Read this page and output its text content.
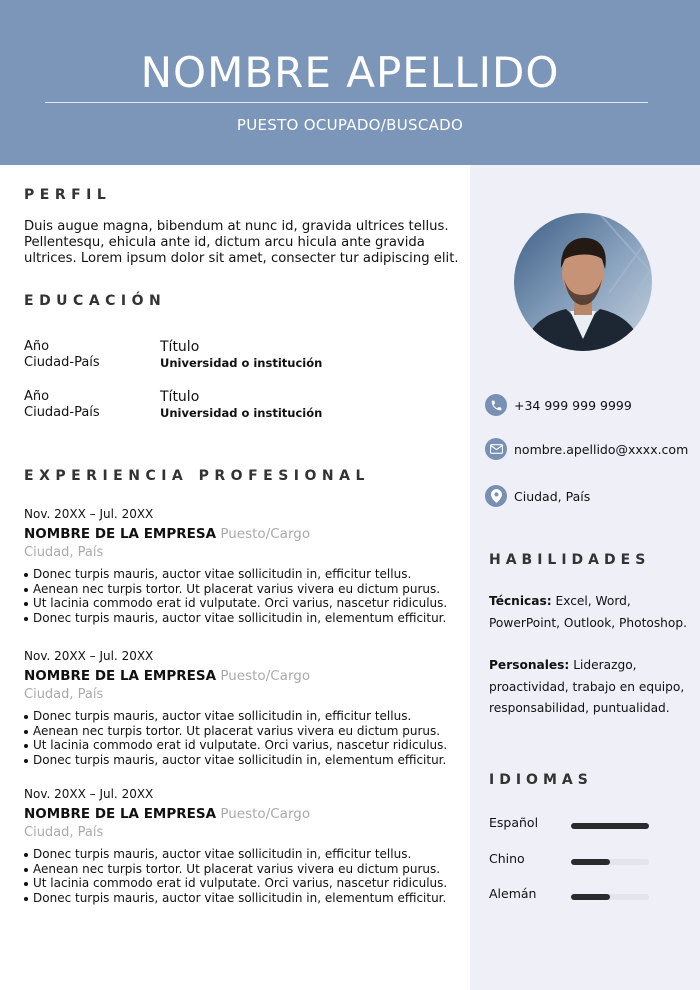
NOMBRE APELLIDO
PUESTO OCUPADO/BUSCADO
PERFIL
Duis augue magna, bibendum at nunc id, gravida ultrices tellus. Pellentesqu, ehicula ante id, dictum arcu hicula ante gravida ultrices. Lorem ipsum dolor sit amet, consecter tur adipiscing elit.
EDUCACIÓN
Año
Ciudad-País
Título
Universidad o institución
Año
Ciudad-País
Título
Universidad o institución
EXPERIENCIA PROFESIONAL
Nov. 20XX – Jul. 20XX
NOMBRE DE LA EMPRESA Puesto/Cargo
Ciudad, País
Donec turpis mauris, auctor vitae sollicitudin in, efficitur tellus.
Aenean nec turpis tortor. Ut placerat varius vivera eu dictum purus.
Ut lacinia commodo erat id vulputate. Orci varius, nascetur ridiculus.
Donec turpis mauris, auctor vitae sollicitudin in, elementum efficitur.
Nov. 20XX – Jul. 20XX
NOMBRE DE LA EMPRESA Puesto/Cargo
Ciudad, País
Donec turpis mauris, auctor vitae sollicitudin in, efficitur tellus.
Aenean nec turpis tortor. Ut placerat varius vivera eu dictum purus.
Ut lacinia commodo erat id vulputate. Orci varius, nascetur ridiculus.
Donec turpis mauris, auctor vitae sollicitudin in, elementum efficitur.
Nov. 20XX – Jul. 20XX
NOMBRE DE LA EMPRESA Puesto/Cargo
Ciudad, País
Donec turpis mauris, auctor vitae sollicitudin in, efficitur tellus.
Aenean nec turpis tortor. Ut placerat varius vivera eu dictum purus.
Ut lacinia commodo erat id vulputate. Orci varius, nascetur ridiculus.
Donec turpis mauris, auctor vitae sollicitudin in, elementum efficitur.
+34 999 999 9999
nombre.apellido@xxxx.com
Ciudad, País
HABILIDADES
Técnicas: Excel, Word, PowerPoint, Outlook, Photoshop.
Personales: Liderazgo, proactividad, trabajo en equipo, responsabilidad, puntualidad.
IDIOMAS
Español
Chino
Alemán
